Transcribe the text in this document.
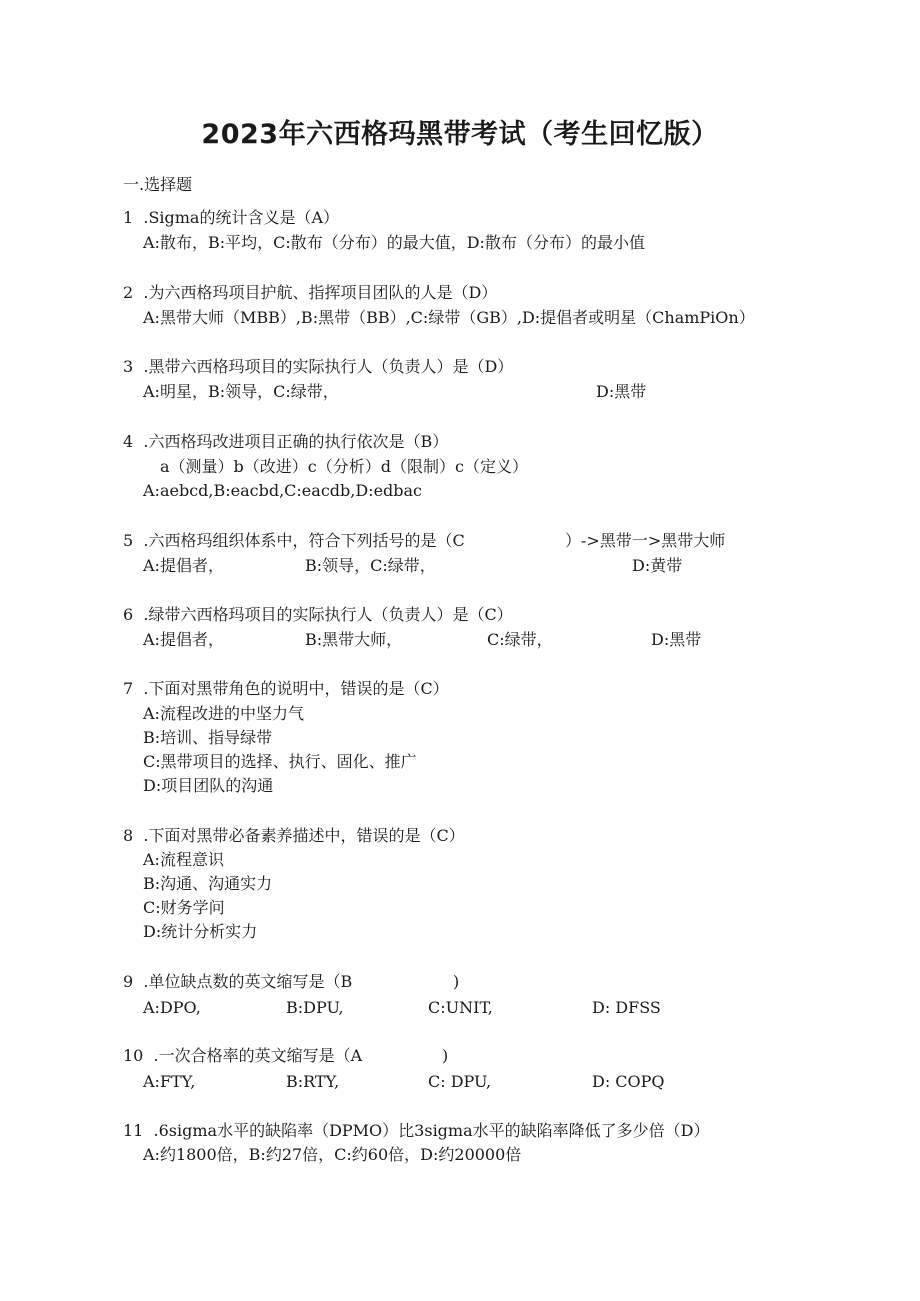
2023年六西格玛黑带考试（考生回忆版）
一.选择题
1  .Sigma的统计含义是（A）
A:散布，B:平均，C:散布（分布）的最大值，D:散布（分布）的最小值
2  .为六西格玛项目护航、指挥项目团队的人是（D）
A:黑带大师（MBB）,B:黑带（BB）,C:绿带（GB）,D:提倡者或明星（ChamPiOn）
3  .黑带六西格玛项目的实际执行人（负责人）是（D）
A:明星，B:领导，C:绿带，	D:黑带
4  .六西格玛改进项目正确的执行依次是（B）
a（测量）b（改进）c（分析）d（限制）c（定义）
A:aebcd,B:eacbd,C:eacdb,D:edbac
5  .六西格玛组织体系中，符合下列括号的是（C	）->黑带一>黑带大师
A:提倡者，	B:领导，C:绿带，	D:黄带
6  .绿带六西格玛项目的实际执行人（负责人）是（C）
A:提倡者，	B:黑带大师，	C:绿带，	D:黑带
7  .下面对黑带角色的说明中，错误的是（C）
A:流程改进的中坚力气
B:培训、指导绿带
C:黑带项目的选择、执行、固化、推广
D:项目团队的沟通
8  .下面对黑带必备素养描述中，错误的是（C）
A:流程意识
B:沟通、沟通实力
C:财务学问
D:统计分析实力
9  .单位缺点数的英文缩写是（B	)
A:DPO,	B:DPU,	C:UNIT,	D: DFSS
10  .一次合格率的英文缩写是（A	)
A:FTY,	B:RTY,	C: DPU,	D: COPQ
11  .6sigma水平的缺陷率（DPMO）比3sigma水平的缺陷率降低了多少倍（D）
A:约1800倍，B:约27倍，C:约60倍，D:约20000倍
